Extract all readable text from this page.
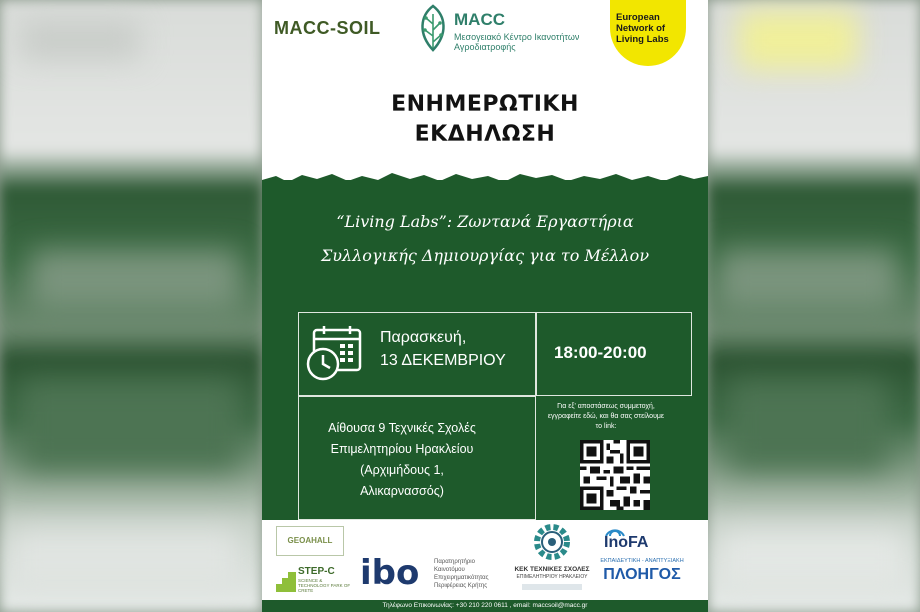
MACC-SOIL	MACC
Μεσογειακό Κέντρο Ικανοτήτων Αγροδιατροφής
European Network of Living Labs
ΕΝΗΜΕΡΩΤΙΚΗ
ΕΚΔΗΛΩΣΗ
“Living Labs”: Ζωντανά Εργαστήρια
Συλλογικής Δημιουργίας για το Μέλλον
Παρασκευή,
13 ΔΕΚΕΜΒΡΙΟΥ	18:00-20:00
Αίθουσα 9 Τεχνικές Σχολές
Επιμελητηρίου Ηρακλείου
(Αρχιμήδους 1,
Αλικαρνασσός)
Για εξ' αποστάσεως συμμετοχή, εγγραφείτε εδώ, και θα σας στείλουμε το link:
GEOAHALL
STEP-C
SCIENCE & TECHNOLOGY PARK OF CRETE	ibo	Παρατηρητήριο Καινοτόμου Επιχειρηματικότητας Περιφέρειας Κρήτης
ΚΕΚ ΤΕΧΝΙΚΕΣ ΣΧΟΛΕΣ
ΕΠΙΜΕΛΗΤΗΡΙΟΥ ΗΡΑΚΛΕΙΟΥ
InoFA
ΕΚΠΑΙΔΕΥΤΙΚΗ - ΑΝΑΠΤΥΞΙΑΚΗ
ΠΛΟΗΓΟΣ
Τηλέφωνο Επικοινωνίας: +30 210 220 0611 , email: maccsoil@macc.gr
